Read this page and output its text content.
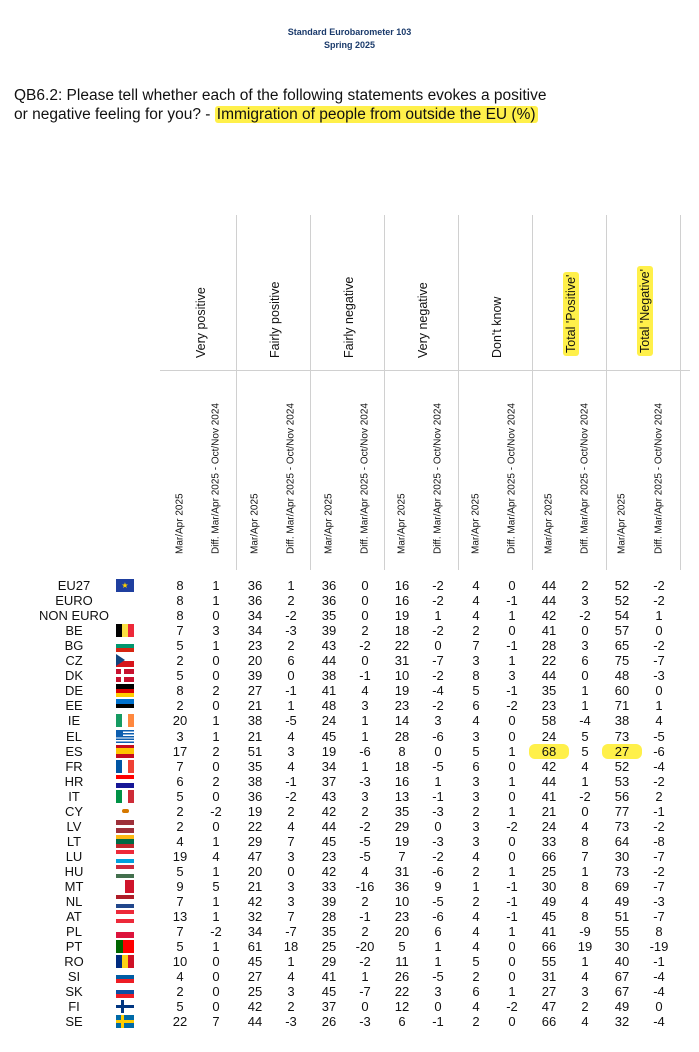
Standard Eurobarometer 103
Spring 2025
QB6.2: Please tell whether each of the following statements evokes a positive
or negative feeling for you? - Immigration of people from outside the EU (%)
Very positive	Fairly positive	Fairly negative	Very negative	Don't know	Total 'Positive'	Total 'Negative'
Mar/Apr 2025	Diff. Mar/Apr 2025 - Oct/Nov 2024	Mar/Apr 2025	Diff. Mar/Apr 2025 - Oct/Nov 2024	Mar/Apr 2025	Diff. Mar/Apr 2025 - Oct/Nov 2024	Mar/Apr 2025	Diff. Mar/Apr 2025 - Oct/Nov 2024	Mar/Apr 2025	Diff. Mar/Apr 2025 - Oct/Nov 2024	Mar/Apr 2025	Diff. Mar/Apr 2025 - Oct/Nov 2024	Mar/Apr 2025	Diff. Mar/Apr 2025 - Oct/Nov 2024
EU27	★	8	1	36	1	36	0	16	-2	4	0	44	2	52	-2
EURO	8	1	36	2	36	0	16	-2	4	-1	44	3	52	-2
NON EURO	8	0	34	-2	35	0	19	1	4	1	42	-2	54	1
BE	7	3	34	-3	39	2	18	-2	2	0	41	0	57	0
BG	5	1	23	2	43	-2	22	0	7	-1	28	3	65	-2
CZ	2	0	20	6	44	0	31	-7	3	1	22	6	75	-7
DK	5	0	39	0	38	-1	10	-2	8	3	44	0	48	-3
DE	8	2	27	-1	41	4	19	-4	5	-1	35	1	60	0
EE	2	0	21	1	48	3	23	-2	6	-2	23	1	71	1
IE	20	1	38	-5	24	1	14	3	4	0	58	-4	38	4
EL	3	1	21	4	45	1	28	-6	3	0	24	5	73	-5
ES	17	2	51	3	19	-6	8	0	5	1	68	5	27	-6
FR	7	0	35	4	34	1	18	-5	6	0	42	4	52	-4
HR	6	2	38	-1	37	-3	16	1	3	1	44	1	53	-2
IT	5	0	36	-2	43	3	13	-1	3	0	41	-2	56	2
CY	2	-2	19	2	42	2	35	-3	2	1	21	0	77	-1
LV	2	0	22	4	44	-2	29	0	3	-2	24	4	73	-2
LT	4	1	29	7	45	-5	19	-3	3	0	33	8	64	-8
LU	19	4	47	3	23	-5	7	-2	4	0	66	7	30	-7
HU	5	1	20	0	42	4	31	-6	2	1	25	1	73	-2
MT	9	5	21	3	33	-16	36	9	1	-1	30	8	69	-7
NL	7	1	42	3	39	2	10	-5	2	-1	49	4	49	-3
AT	13	1	32	7	28	-1	23	-6	4	-1	45	8	51	-7
PL	7	-2	34	-7	35	2	20	6	4	1	41	-9	55	8
PT	5	1	61	18	25	-20	5	1	4	0	66	19	30	-19
RO	10	0	45	1	29	-2	11	1	5	0	55	1	40	-1
SI	4	0	27	4	41	1	26	-5	2	0	31	4	67	-4
SK	2	0	25	3	45	-7	22	3	6	1	27	3	67	-4
FI	5	0	42	2	37	0	12	0	4	-2	47	2	49	0
SE	22	7	44	-3	26	-3	6	-1	2	0	66	4	32	-4
